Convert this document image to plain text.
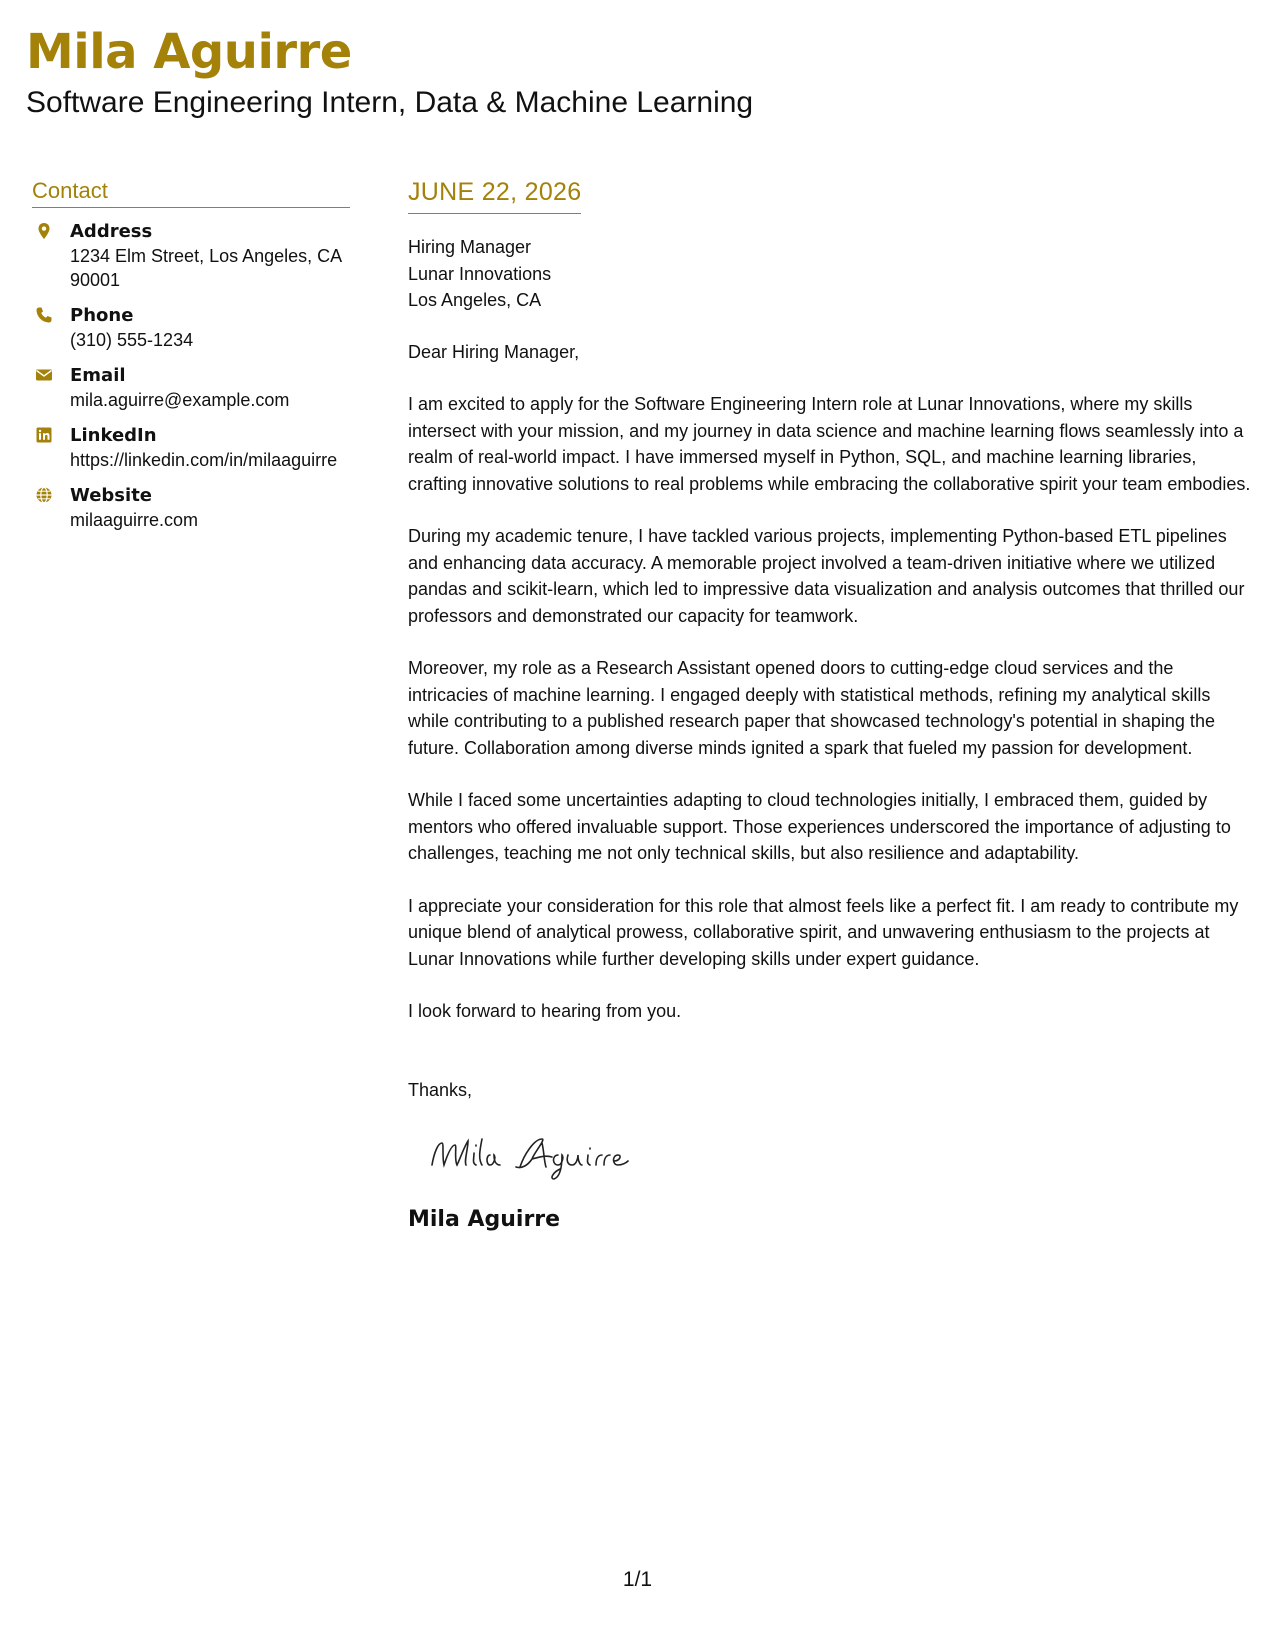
Mila Aguirre
Software Engineering Intern, Data & Machine Learning
Contact
Address
1234 Elm Street, Los Angeles, CA 90001
Phone
(310) 555-1234
Email
mila.aguirre@example.com
LinkedIn
https://linkedin.com/in/milaaguirre
Website
milaaguirre.com
JUNE 22, 2026
Hiring Manager
Lunar Innovations
Los Angeles, CA
Dear Hiring Manager,
I am excited to apply for the Software Engineering Intern role at Lunar Innovations, where my skills intersect with your mission, and my journey in data science and machine learning flows seamlessly into a realm of real-world impact. I have immersed myself in Python, SQL, and machine learning libraries, crafting innovative solutions to real problems while embracing the collaborative spirit your team embodies.
During my academic tenure, I have tackled various projects, implementing Python-based ETL pipelines and enhancing data accuracy. A memorable project involved a team-driven initiative where we utilized pandas and scikit-learn, which led to impressive data visualization and analysis outcomes that thrilled our professors and demonstrated our capacity for teamwork.
Moreover, my role as a Research Assistant opened doors to cutting-edge cloud services and the intricacies of machine learning. I engaged deeply with statistical methods, refining my analytical skills while contributing to a published research paper that showcased technology's potential in shaping the future. Collaboration among diverse minds ignited a spark that fueled my passion for development.
While I faced some uncertainties adapting to cloud technologies initially, I embraced them, guided by mentors who offered invaluable support. Those experiences underscored the importance of adjusting to challenges, teaching me not only technical skills, but also resilience and adaptability.
I appreciate your consideration for this role that almost feels like a perfect fit. I am ready to contribute my unique blend of analytical prowess, collaborative spirit, and unwavering enthusiasm to the projects at Lunar Innovations while further developing skills under expert guidance.
I look forward to hearing from you.
Thanks,
Mila Aguirre
1/1
